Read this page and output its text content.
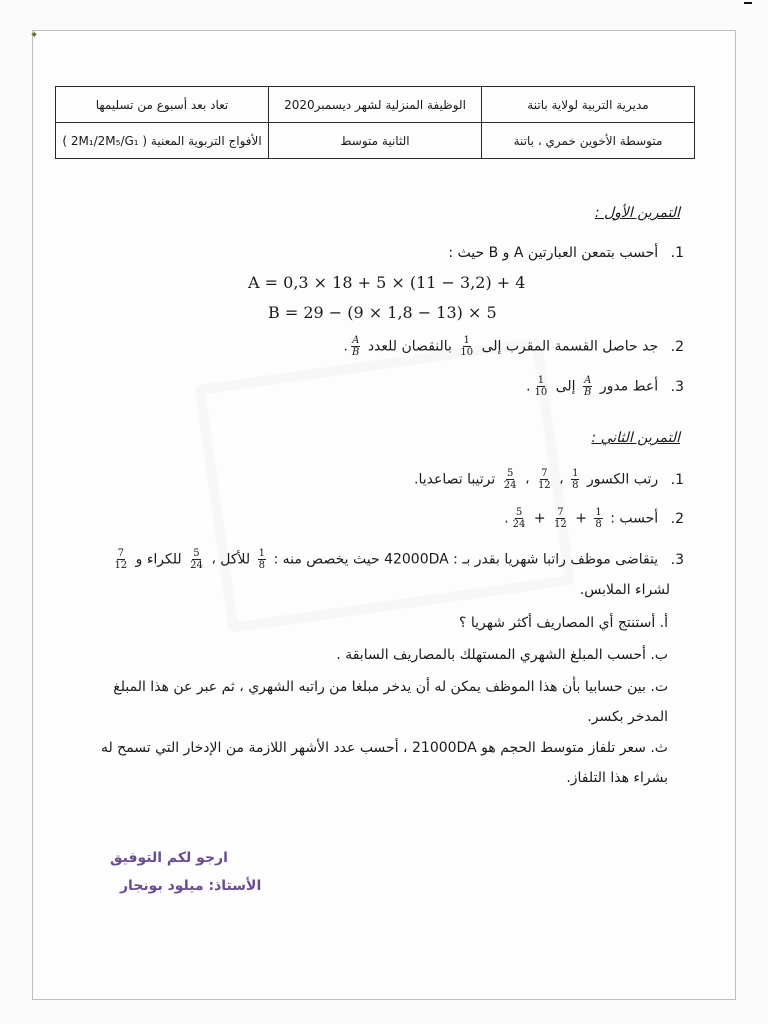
✦
مديرية التربية لولاية باتنة	الوظيفة المنزلية لشهر ديسمبر2020	تعاد بعد أسبوع من تسليمها
متوسطة الأخوين خمري ، باتنة	الثانية متوسط	الأفواج التربوية المعنية ( 2M₁/2M₅/G₁ )
التمرين الأول :
1. أحسب بتمعن العبارتين A و B حيث :
A = 0,3 × 18 + 5 × (11 − 3,2) + 4
B = 29 − (9 × 1,8 − 13) × 5
2. جد حاصل القسمة المقرب إلى
$\frac{1}{10}$
بالنقصان للعدد
$\frac{A}{B}$
.
3. أعط مدور
$\frac{A}{B}$
إلى
$\frac{1}{10}$
.
التمرين الثاني :
1. رتب الكسور
$\frac{1}{8}$
،
$\frac{7}{12}$
،
$\frac{5}{24}$
ترتيبا تصاعديا.
2. أحسب :
$\frac{1}{8}$
+
$\frac{7}{12}$
+
$\frac{5}{24}$
.
3. يتقاضى موظف راتبا شهريا بقدر بـ : 42000DA حيث يخصص منه :
$\frac{1}{8}$
للأكل ،
$\frac{5}{24}$
للكراء و
$\frac{7}{12}$
لشراء الملابس.
أ. أستنتج أي المصاريف أكثر شهريا ؟
ب. أحسب المبلغ الشهري المستهلك بالمصاريف السابقة .
ت. بين حسابيا بأن هذا الموظف يمكن له أن يدخر مبلغا من راتبه الشهري ، ثم عبر عن هذا المبلغ المدخر بكسر.
ث. سعر تلفاز متوسط الحجم هو 21000DA ، أحسب عدد الأشهر اللازمة من الإدخار التي تسمح له بشراء هذا التلفاز.
ارجو لكم التوفيق
الأستاذ: ميلود بونجار
